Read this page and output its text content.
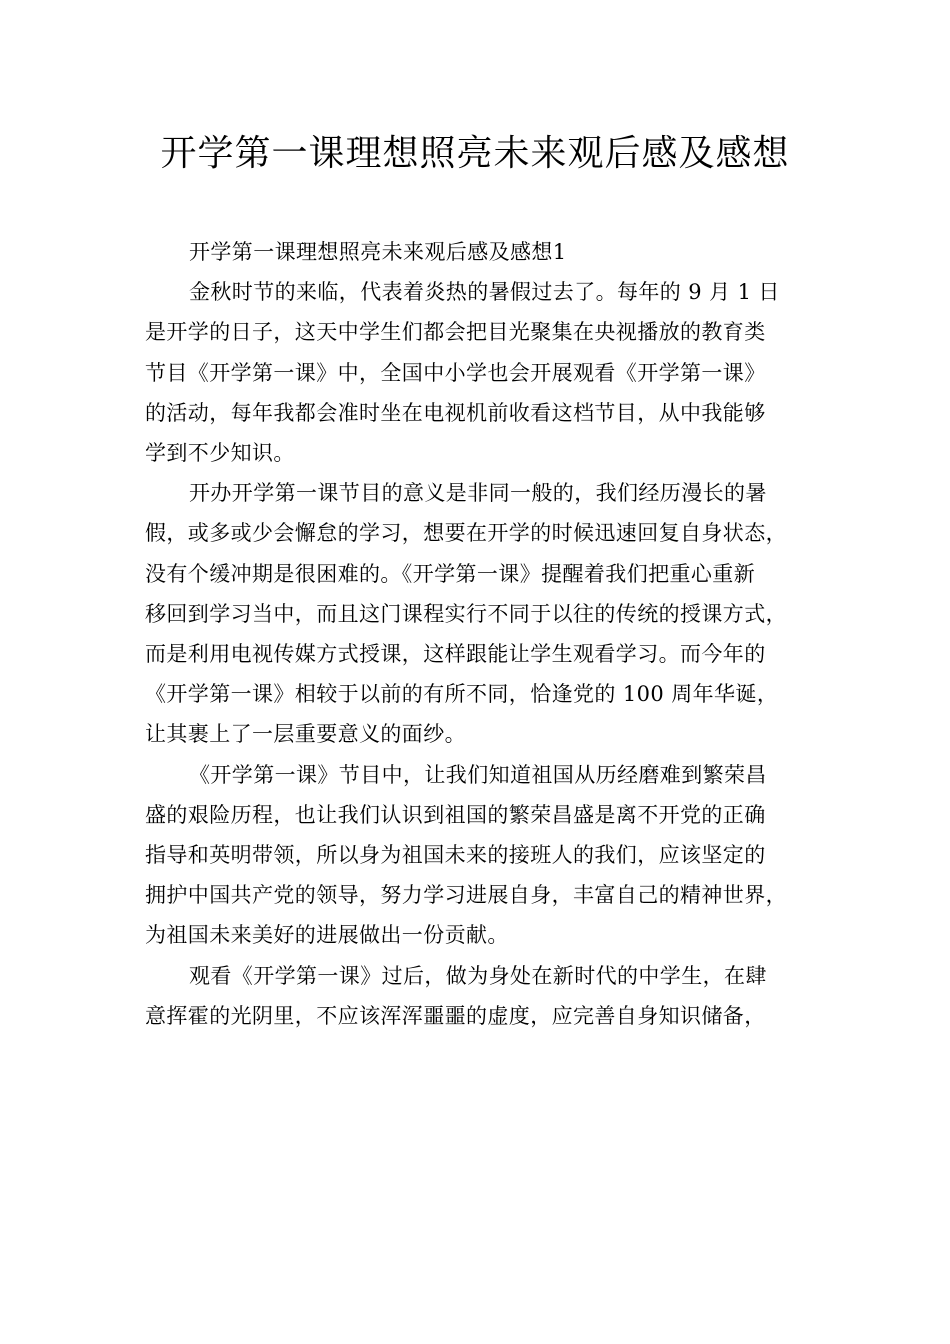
开学第一课理想照亮未来观后感及感想

开学第一课理想照亮未来观后感及感想1

金秋时节的来临，代表着炎热的暑假过去了。每年的 9 月 1 日
是开学的日子，这天中学生们都会把目光聚集在央视播放的教育类
节目《开学第一课》中，全国中小学也会开展观看《开学第一课》
的活动，每年我都会准时坐在电视机前收看这档节目，从中我能够
学到不少知识。
开办开学第一课节目的意义是非同一般的，我们经历漫长的暑
假，或多或少会懈怠的学习，想要在开学的时候迅速回复自身状态，
没有个缓冲期是很困难的。《开学第一课》提醒着我们把重心重新
移回到学习当中，而且这门课程实行不同于以往的传统的授课方式，
而是利用电视传媒方式授课，这样跟能让学生观看学习。而今年的
《开学第一课》相较于以前的有所不同，恰逢党的 100 周年华诞，
让其裹上了一层重要意义的面纱。
《开学第一课》节目中，让我们知道祖国从历经磨难到繁荣昌
盛的艰险历程，也让我们认识到祖国的繁荣昌盛是离不开党的正确
指导和英明带领，所以身为祖国未来的接班人的我们，应该坚定的
拥护中国共产党的领导，努力学习进展自身，丰富自己的精神世界，
为祖国未来美好的进展做出一份贡献。
观看《开学第一课》过后，做为身处在新时代的中学生，在肆
意挥霍的光阴里，不应该浑浑噩噩的虚度，应完善自身知识储备，
